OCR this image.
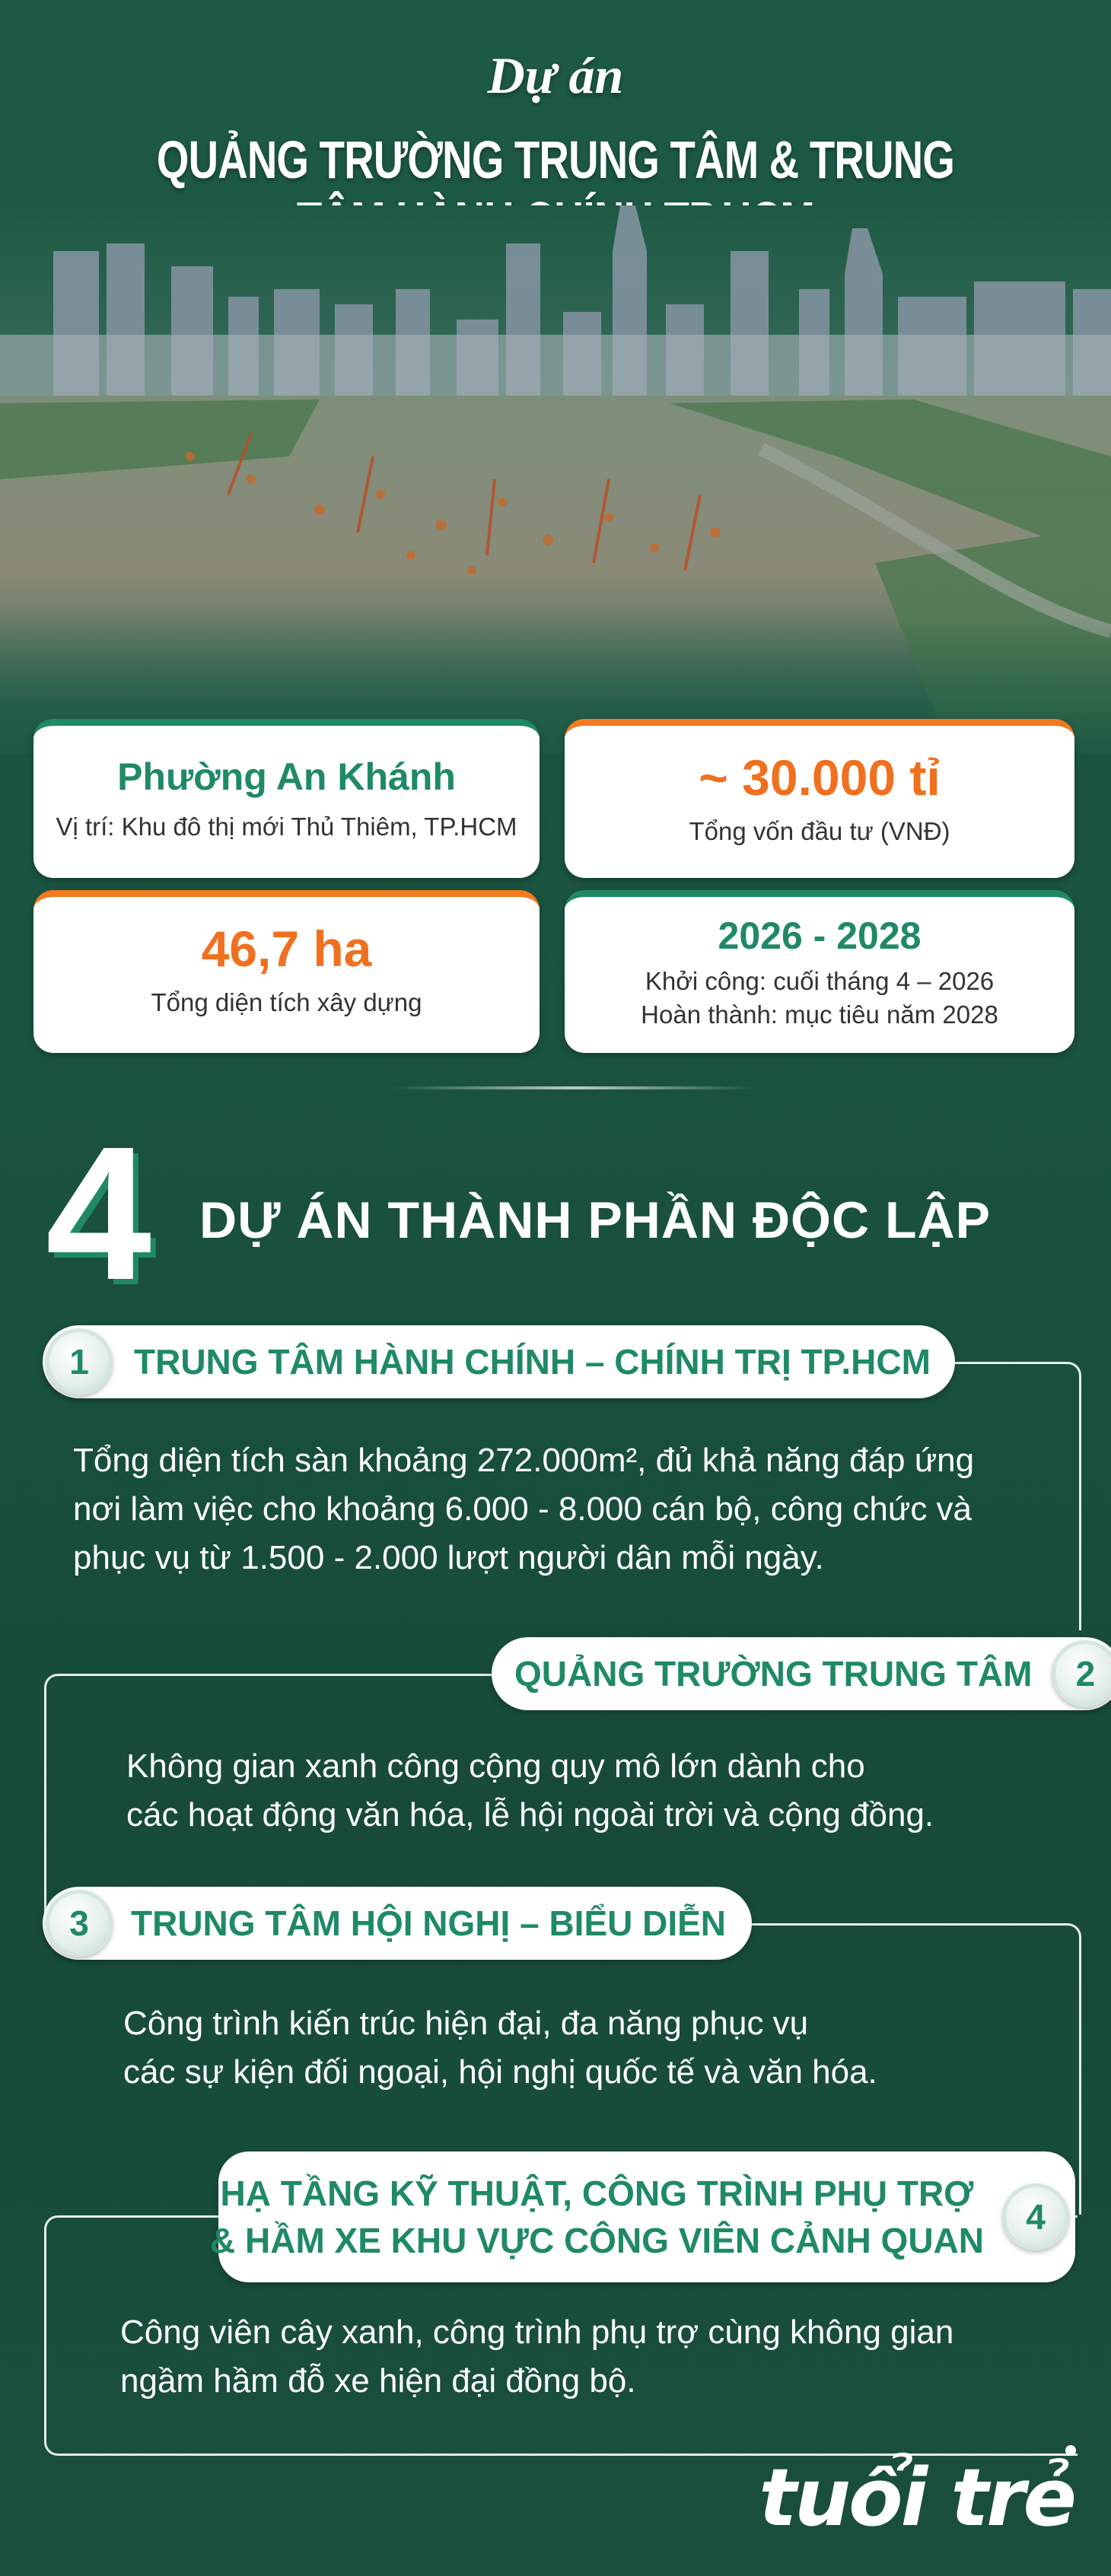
Dự án
QUẢNG TRƯỜNG TRUNG TÂM & TRUNG
Phường An Khánh
Vị trí: Khu đô thị mới Thủ Thiêm, TP.HCM
~ 30.000 tỉ
Tổng vốn đầu tư (VNĐ)
46,7 ha
Tổng diện tích xây dựng
2026 - 2028
Khởi công: cuối tháng 4 – 2026
Hoàn thành: mục tiêu năm 2028
4 DỰ ÁN THÀNH PHẦN ĐỘC LẬP
1	TRUNG TÂM HÀNH CHÍNH – CHÍNH TRỊ TP.HCM
Tổng diện tích sàn khoảng 272.000m², đủ khả năng đáp ứng
nơi làm việc cho khoảng 6.000 - 8.000 cán bộ, công chức và
phục vụ từ 1.500 - 2.000 lượt người dân mỗi ngày.
QUẢNG TRƯỜNG TRUNG TÂM	2
Không gian xanh công cộng quy mô lớn dành cho
các hoạt động văn hóa, lễ hội ngoài trời và cộng đồng.
3	TRUNG TÂM HỘI NGHỊ – BIỂU DIỄN
Công trình kiến trúc hiện đại, đa năng phục vụ
các sự kiện đối ngoại, hội nghị quốc tế và văn hóa.
HẠ TẦNG KỸ THUẬT, CÔNG TRÌNH PHỤ TRỢ
& HẦM XE KHU VỰC CÔNG VIÊN CẢNH QUAN
4
Công viên cây xanh, công trình phụ trợ cùng không gian
ngầm hầm đỗ xe hiện đại đồng bộ.
tuổi trẻ
